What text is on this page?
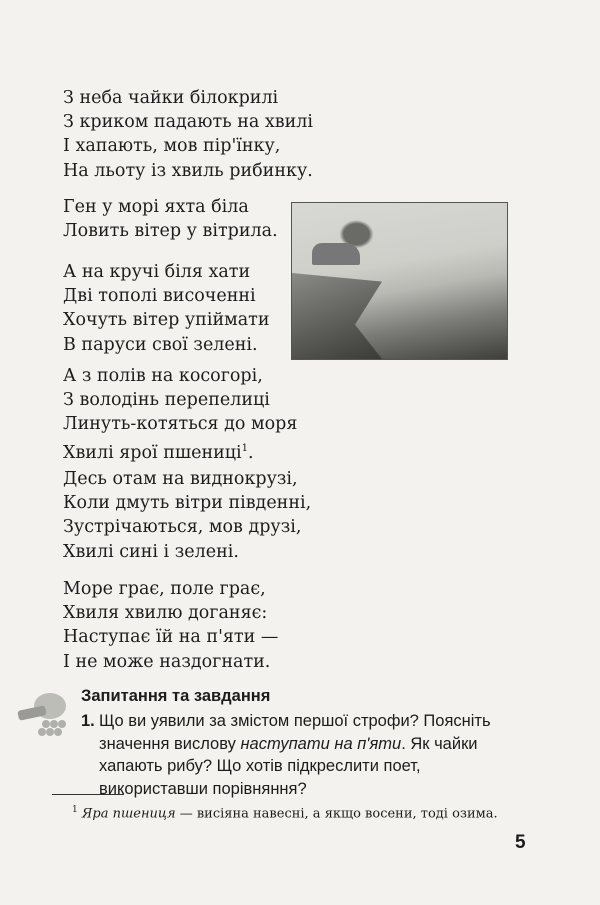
З неба чайки білокрилі
З криком падають на хвилі
І хапають, мов пір'їнку,
На льоту із хвиль рибинку.
Ген у морі яхта біла
Ловить вітер у вітрила.
А на кручі біля хати
Дві тополі височенні
Хочуть вітер упіймати
В паруси свої зелені.
А з полів на косогорі,
З володінь перепелиці
Линуть-котяться до моря
Хвилі ярої пшениці$^1$.
Десь отам на виднокрузі,
Коли дмуть вітри південні,
Зустрічаються, мов друзі,
Хвилі сині і зелені.
Море грає, поле грає,
Хвиля хвилю доганяє:
Наступає їй на п'яти —
І не може наздогнати.
Запитання та завдання
1. Що ви уявили за змістом першої строфи? Поясніть значення вислову наступати на п'яти. Як чайки хапають рибу? Що хотів підкреслити поет, використавши порівняння?
$^1$ Яра пшениця — висіяна навесні, а якщо восени, тоді озима.
5
